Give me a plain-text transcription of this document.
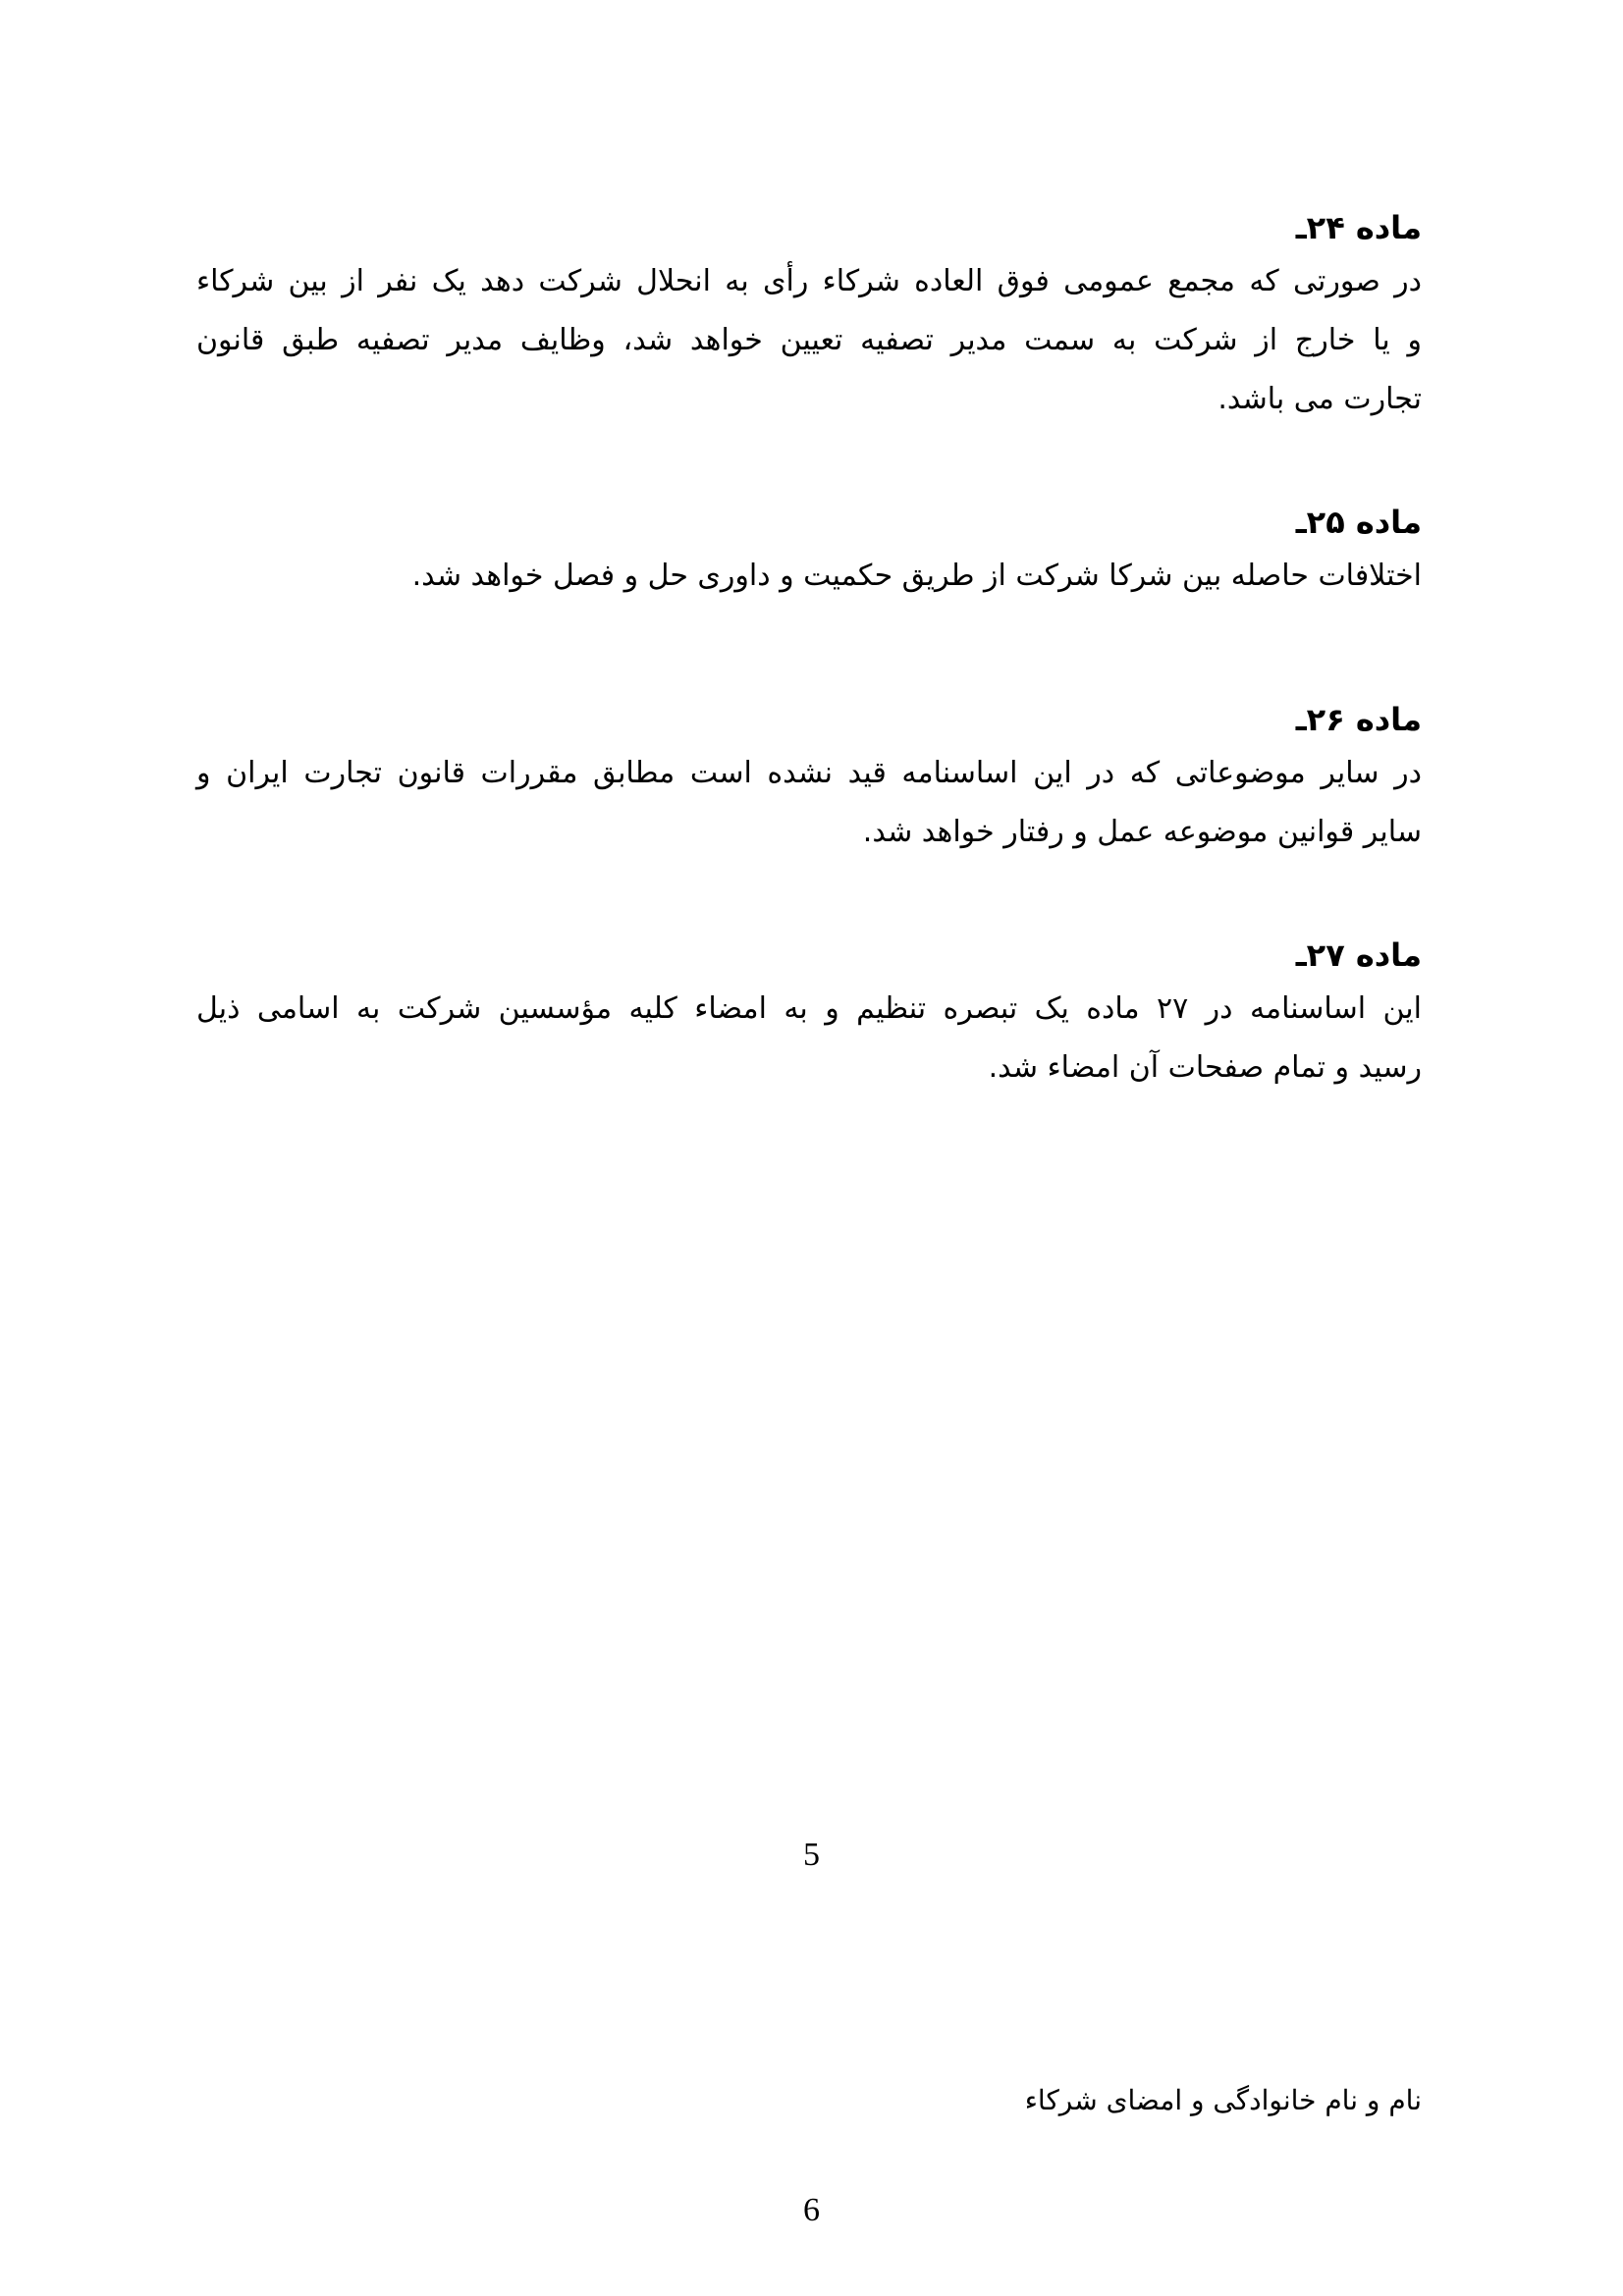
ماده ۲۴ـ

در صورتی که مجمع عمومی فوق العاده شرکاء رأی به انحلال شرکت دهد یک نفر از بین شرکاء
و یا خارج از شرکت به سمت مدیر تصفیه تعیین خواهد شد، وظایف مدیر تصفیه طبق قانون
تجارت می باشد.

ماده ۲۵ـ

اختلافات حاصله بین شرکا شرکت از طریق حکمیت و داوری حل و فصل خواهد شد.

ماده ۲۶ـ

در سایر موضوعاتی که در این اساسنامه قید نشده است مطابق مقررات قانون تجارت ایران و
سایر قوانین موضوعه عمل و رفتار خواهد شد.

ماده ۲۷ـ

این اساسنامه در ۲۷ ماده یک تبصره تنظیم و به امضاء کلیه مؤسسین شرکت به اسامی ذیل
رسید و تمام صفحات آن امضاء شد.

5
نام و نام خانوادگی و امضای شرکاء
6
